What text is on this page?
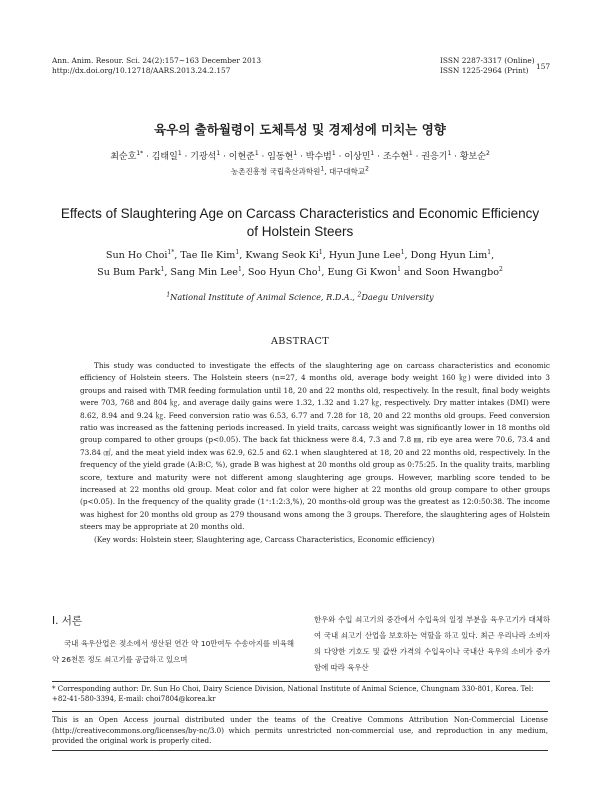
Ann. Anim. Resour. Sci. 24(2):157~163 December 2013
http://dx.doi.org/10.12718/AARS.2013.24.2.157
ISSN 2287-3317 (Online)
ISSN 1225-2964 (Print)	157
육우의 출하월령이 도체특성 및 경제성에 미치는 영향
최순호$^{1*}$ · 김태일$^1$ · 기광석$^1$ · 이현준$^1$ · 임동현$^1$ · 박수범$^1$ · 이상민$^1$ · 조수현$^1$ · 권응기$^1$ · 황보순$^2$
농촌진흥청 국립축산과학원$^1$, 대구대학교$^2$
Effects of Slaughtering Age on Carcass Characteristics and Economic Efficiency
of Holstein Steers
Sun Ho Choi$^{1*}$, Tae Ile Kim$^1$, Kwang Seok Ki$^1$, Hyun June Lee$^1$, Dong Hyun Lim$^1$,
Su Bum Park$^1$, Sang Min Lee$^1$, Soo Hyun Cho$^1$, Eung Gi Kwon$^1$ and Soon Hwangbo$^2$
$^1$National Institute of Animal Science, R.D.A., $^2$Daegu University
ABSTRACT

This study was conducted to investigate the effects of the slaughtering age on carcass characteristics and economic efficiency of Holstein steers. The Holstein steers (n=27, 4 months old, average body weight 160 ㎏) were divided into 3 groups and raised with TMR feeding formulation until 18, 20 and 22 months old, respectively. In the result, final body weights were 703, 768 and 804 ㎏, and average daily gains were 1.32, 1.32 and 1.27 ㎏, respectively. Dry matter intakes (DMI) were 8.62, 8.94 and 9.24 ㎏. Feed conversion ratio was 6.53, 6.77 and 7.28 for 18, 20 and 22 months old groups. Feed conversion ratio was increased as the fattening periods increased. In yield traits, carcass weight was significantly lower in 18 months old group compared to other groups (p<0.05). The back fat thickness were 8.4, 7.3 and 7.8 ㎜, rib eye area were 70.6, 73.4 and 73.84 ㎠, and the meat yield index was 62.9, 62.5 and 62.1 when slaughtered at 18, 20 and 22 months old, respectively. In the frequency of the yield grade (A:B:C, %), grade B was highest at 20 months old group as 0:75:25. In the quality traits, marbling score, texture and maturity were not different among slaughtering age groups. However, marbling score tended to be increased at 22 months old group. Meat color and fat color were higher at 22 months old group compare to other groups (p<0.05). In the frequency of the quality grade (1⁺:1:2:3,%), 20 months-old group was the greatest as 12:0:50:38. The income was highest for 20 months old group as 279 thousand wons among the 3 groups. Therefore, the slaughtering ages of Holstein steers may be appropriate at 20 months old.

(Key words: Holstein steer, Slaughtering age, Carcass Characteristics, Economic efficiency)

Ⅰ. 서론

국내 육우산업은 젖소에서 생산된 연간 약 10만여두 수송아지를 비육해 약 26천톤 정도 쇠고기를 공급하고 있으며

한우와 수입 쇠고기의 중간에서 수입육의 일정 부분을 육우고기가 대체하여 국내 쇠고기 산업을 보호하는 역할을 하고 있다. 최근 우리나라 소비자의 다양한 기호도 및 값싼 가격의 수입육이나 국내산 육우의 소비가 증가함에 따라 육우산

* Corresponding author: Dr. Sun Ho Choi, Dairy Science Division, National Institute of Animal Science, Chungnam 330-801, Korea. Tel: +82-41-580-3394, E-mail: choi7804@korea.kr
This is an Open Access journal distributed under the teams of the Creative Commons Attribution Non-Commercial License (http://creativecommons.org/licenses/by-nc/3.0) which permits unrestricted non-commercial use, and reproduction in any medium, provided the original work is properly cited.
